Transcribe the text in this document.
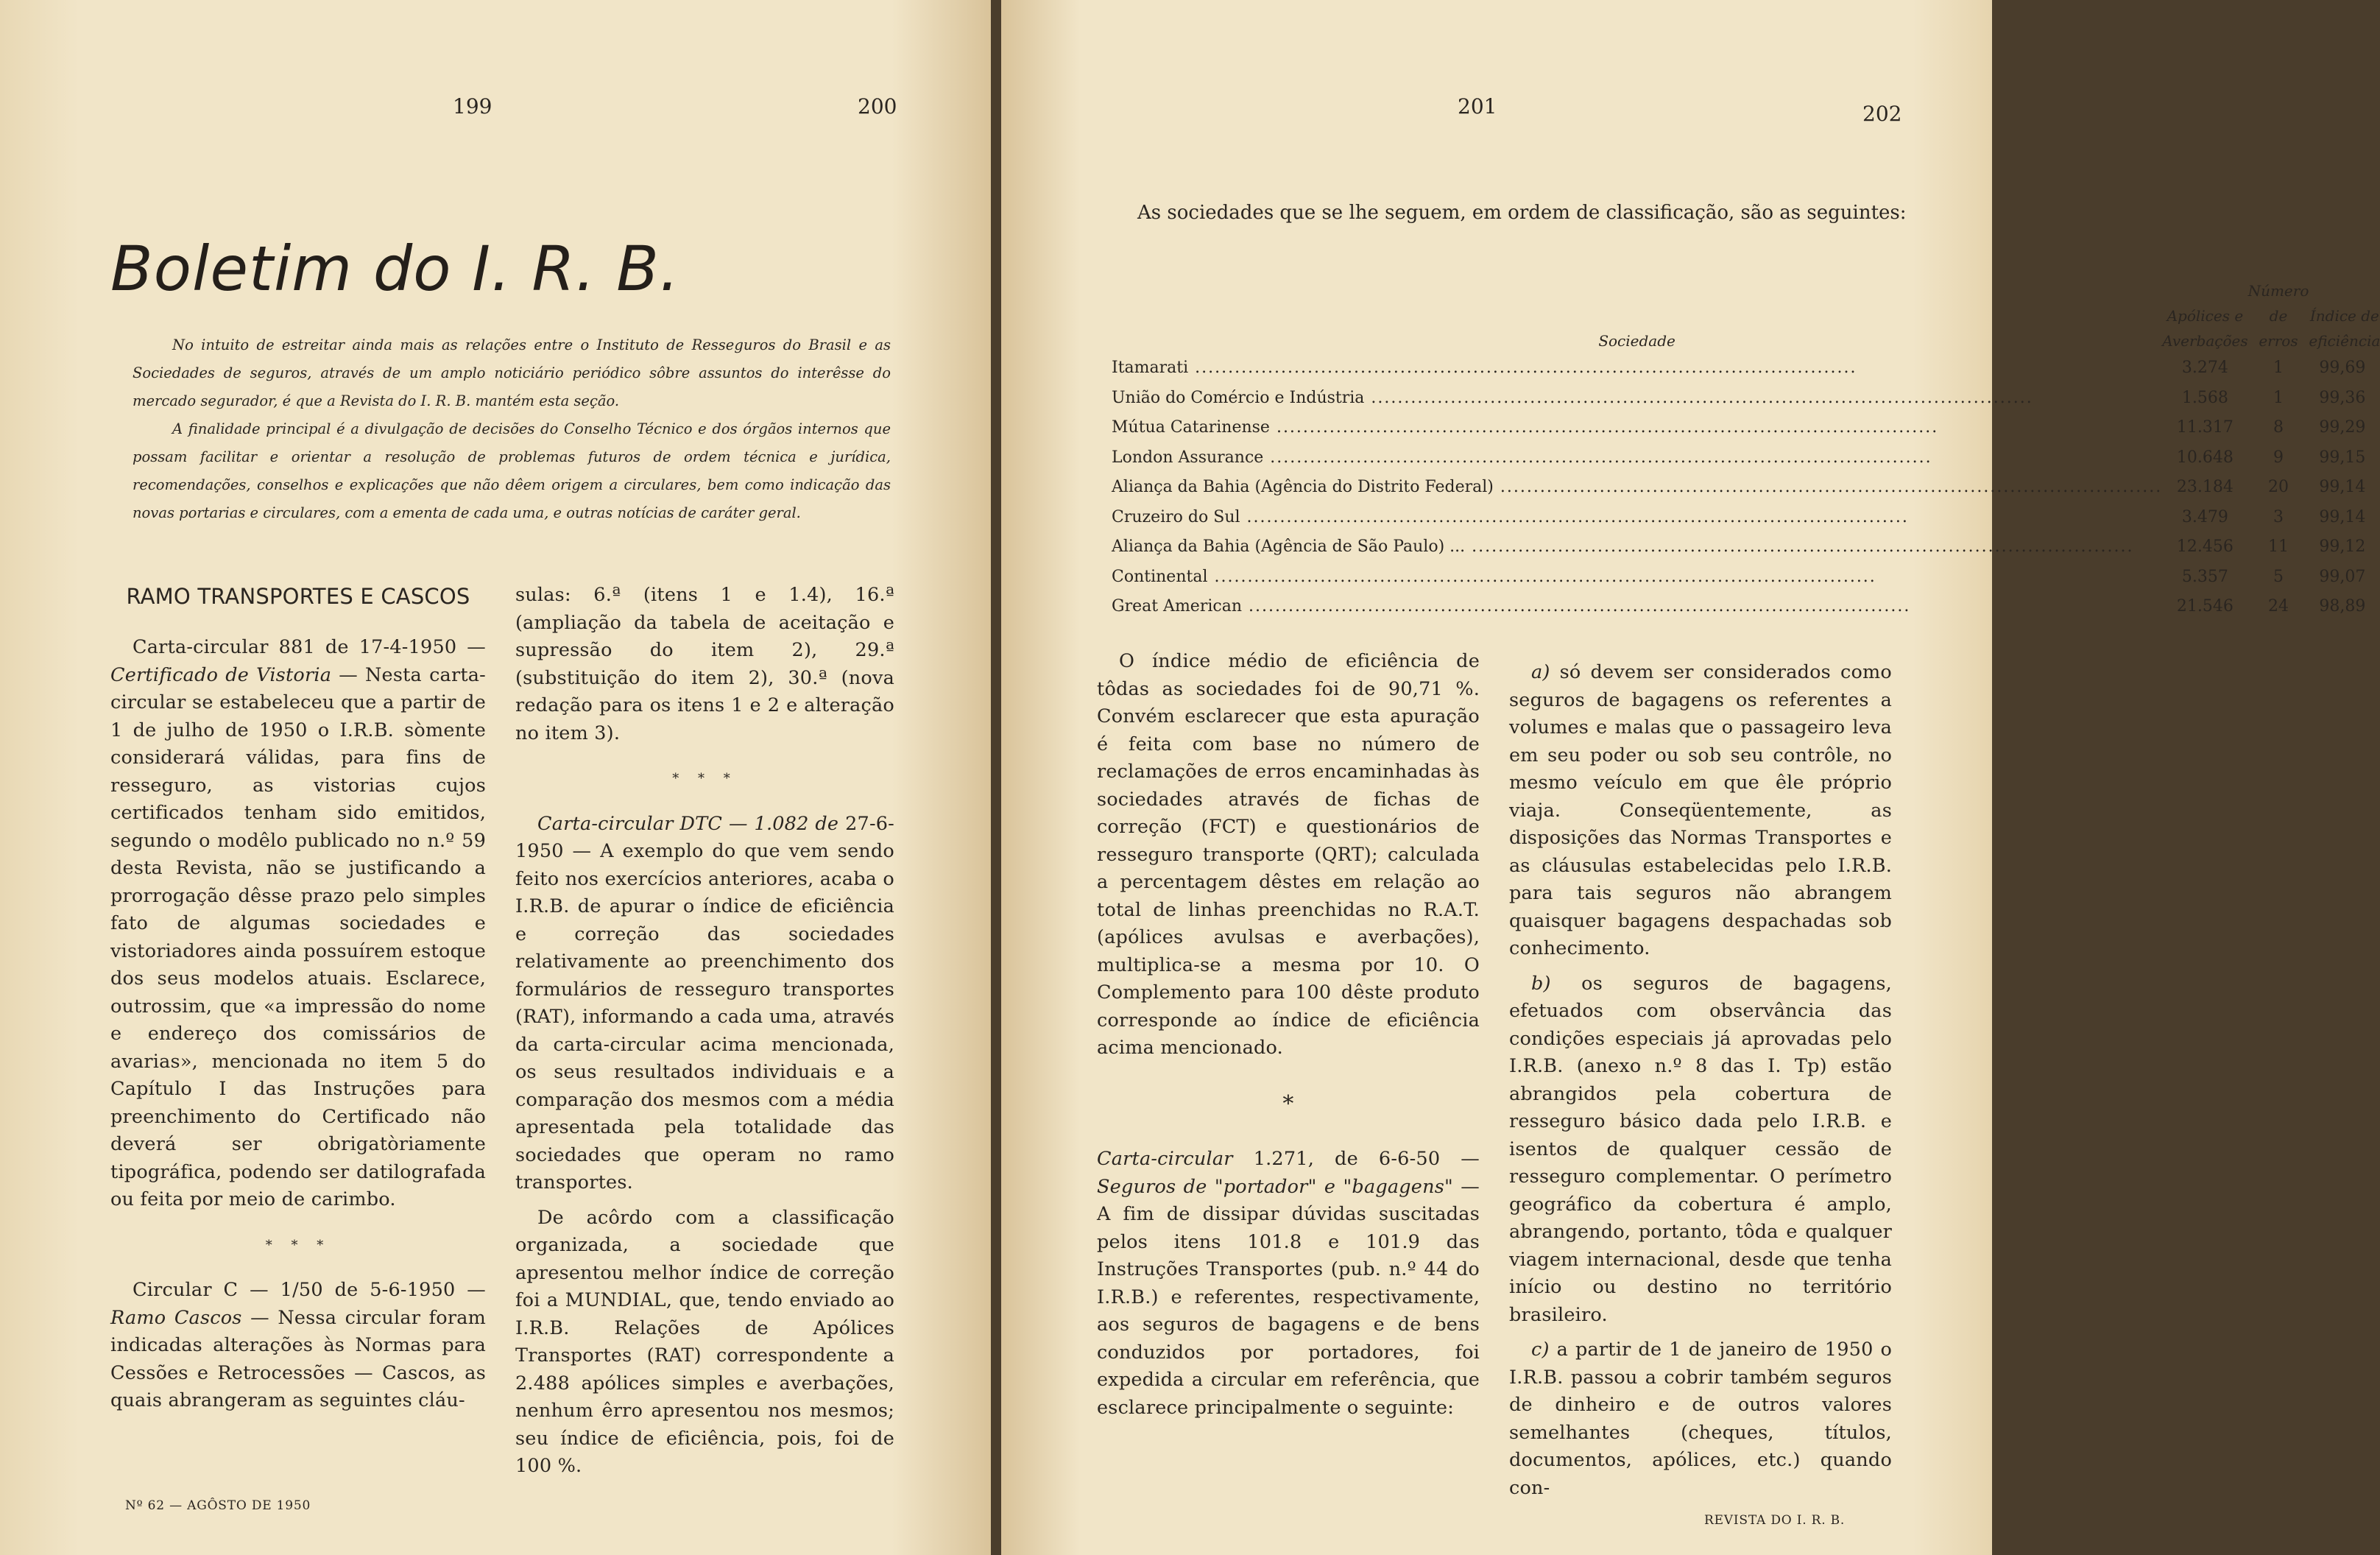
199	200
Boletim do I. R. B.

No intuito de estreitar ainda mais as relações entre o Instituto de Resseguros do Brasil e as Sociedades de seguros, através de um amplo noticiário periódico sôbre assuntos do interêsse do mercado segurador, é que a Revista do I. R. B. mantém esta seção.

A finalidade principal é a divulgação de decisões do Conselho Técnico e dos órgãos internos que possam facilitar e orientar a resolução de problemas futuros de ordem técnica e jurídica, recomendações, conselhos e explicações que não dêem origem a circulares, bem como indicação das novas portarias e circulares, com a ementa de cada uma, e outras notícias de caráter geral.

RAMO TRANSPORTES E CASCOS

Carta-circular 881 de 17-4-1950 — Certificado de Vistoria — Nesta carta-circular se estabeleceu que a partir de 1 de julho de 1950 o I.R.B. sòmente considerará válidas, para fins de resseguro, as vistorias cujos certificados tenham sido emitidos, segundo o modêlo publicado no n.º 59 desta Revista, não se justificando a prorrogação dêsse prazo pelo simples fato de algumas sociedades e vistoriadores ainda possuírem estoque dos seus modelos atuais. Esclarece, outrossim, que «a impressão do nome e endereço dos comissários de avarias», mencionada no item 5 do Capítulo I das Instruções para preenchimento do Certificado não deverá ser obrigatòriamente tipográfica, podendo ser datilografada ou feita por meio de carimbo.

* * *

Circular C — 1/50 de 5-6-1950 — Ramo Cascos — Nessa circular foram indicadas alterações às Normas para Cessões e Retrocessões — Cascos, as quais abrangeram as seguintes cláu-

sulas: 6.ª (itens 1 e 1.4), 16.ª (ampliação da tabela de aceitação e supressão do item 2), 29.ª (substituição do item 2), 30.ª (nova redação para os itens 1 e 2 e alteração no item 3).

* * *

Carta-circular DTC — 1.082 de 27-6-1950 — A exemplo do que vem sendo feito nos exercícios anteriores, acaba o I.R.B. de apurar o índice de eficiência e correção das sociedades relativamente ao preenchimento dos formulários de resseguro transportes (RAT), informando a cada uma, através da carta-circular acima mencionada, os seus resultados individuais e a comparação dos mesmos com a média apresentada pela totalidade das sociedades que operam no ramo transportes.

De acôrdo com a classificação organizada, a sociedade que apresentou melhor índice de correção foi a MUNDIAL, que, tendo enviado ao I.R.B. Relações de Apólices Transportes (RAT) correspondente a 2.488 apólices simples e averbações, nenhum êrro apresentou nos mesmos; seu índice de eficiência, pois, foi de 100 %.

Nº 62 — AGÔSTO DE 1950
201	202
As sociedades que se lhe seguem, em ordem de classificação, são as seguintes:
Sociedade	Apólices e Averbações	Número de erros	Índice de eficiência

Itamarati .....	3.274	1	99,69

União do Comércio e Indústria .....	1.568	1	99,36

Mútua Catarinense .....	11.317	8	99,29

London Assurance .....	10.648	9	99,15

Aliança da Bahia (Agência do Distrito Federal) .....	23.184	20	99,14

Cruzeiro do Sul .....	3.479	3	99,14

Aliança da Bahia (Agência de São Paulo) ... .....	12.456	11	99,12

Continental .....	5.357	5	99,07

Great American .....	21.546	24	98,89

O índice médio de eficiência de tôdas as sociedades foi de 90,71 %. Convém esclarecer que esta apuração é feita com base no número de reclamações de erros encaminhadas às sociedades através de fichas de correção (FCT) e questionários de resseguro transporte (QRT); calculada a percentagem dêstes em relação ao total de linhas preenchidas no R.A.T. (apólices avulsas e averbações), multiplica-se a mesma por 10. O Complemento para 100 dêste produto corresponde ao índice de eficiência acima mencionado.

*

Carta-circular 1.271, de 6-6-50 — Seguros de "portador" e "bagagens" — A fim de dissipar dúvidas suscitadas pelos itens 101.8 e 101.9 das Instruções Transportes (pub. n.º 44 do I.R.B.) e referentes, respectivamente, aos seguros de bagagens e de bens conduzidos por portadores, foi expedida a circular em referência, que esclarece principalmente o seguinte:

a) só devem ser considerados como seguros de bagagens os referentes a volumes e malas que o passageiro leva em seu poder ou sob seu contrôle, no mesmo veículo em que êle próprio viaja. Conseqüentemente, as disposições das Normas Transportes e as cláusulas estabelecidas pelo I.R.B. para tais seguros não abrangem quaisquer bagagens despachadas sob conhecimento.

b) os seguros de bagagens, efetuados com observância das condições especiais já aprovadas pelo I.R.B. (anexo n.º 8 das I. Tp) estão abrangidos pela cobertura de resseguro básico dada pelo I.R.B. e isentos de qualquer cessão de resseguro complementar. O perímetro geográfico da cobertura é amplo, abrangendo, portanto, tôda e qualquer viagem internacional, desde que tenha início ou destino no território brasileiro.

c) a partir de 1 de janeiro de 1950 o I.R.B. passou a cobrir também seguros de dinheiro e de outros valores semelhantes (cheques, títulos, documentos, apólices, etc.) quando con-

REVISTA DO I. R. B.
